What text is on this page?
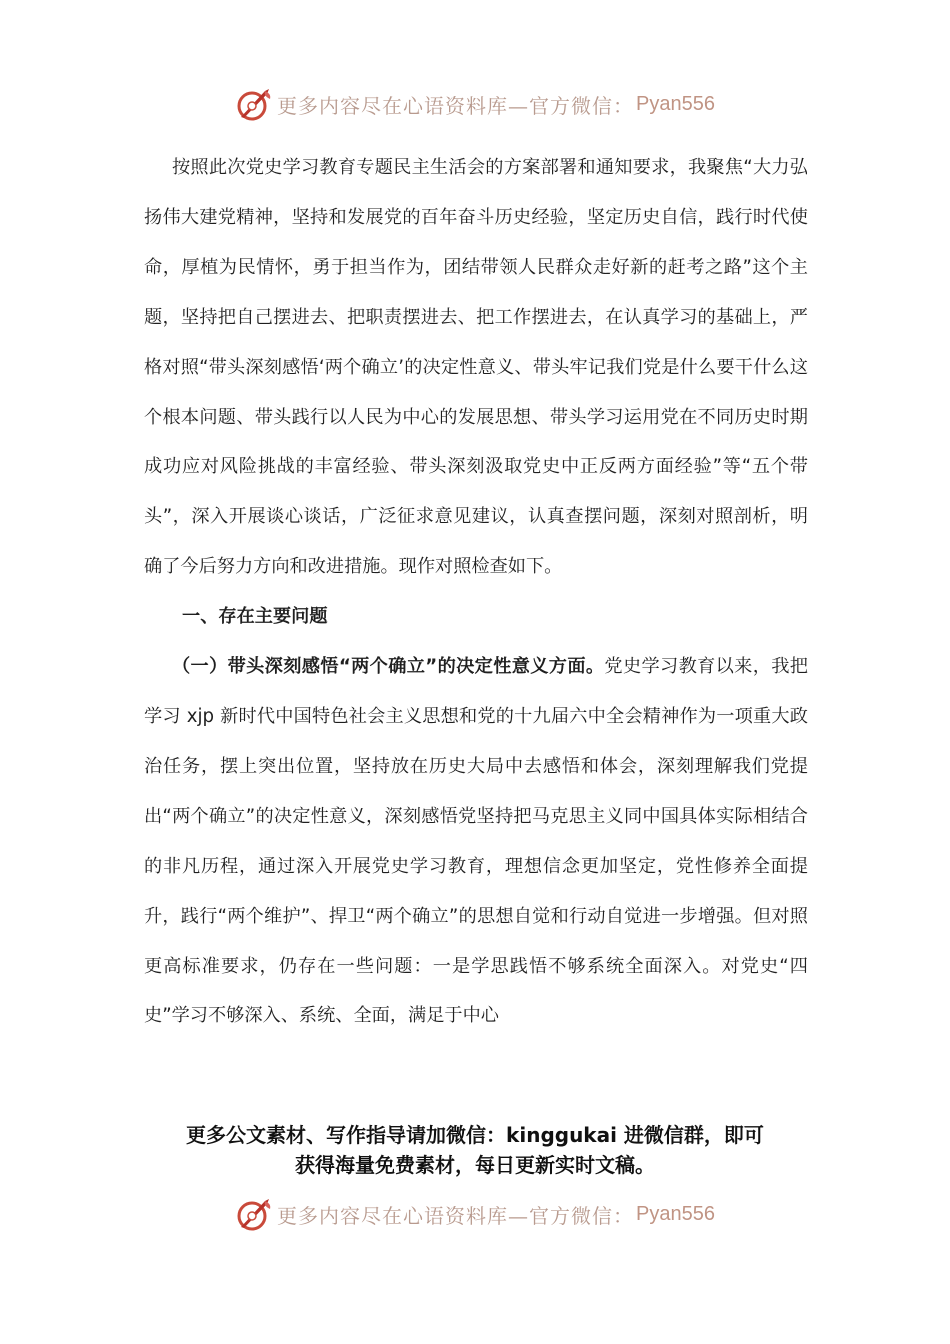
更多内容尽在心语资料库—官方微信： Pyan556

按照此次党史学习教育专题民主生活会的方案部署和通知要求，我聚焦“大力弘扬伟大建党精神，坚持和发展党的百年奋斗历史经验，坚定历史自信，践行时代使命，厚植为民情怀，勇于担当作为，团结带领人民群众走好新的赶考之路”这个主题，坚持把自己摆进去、把职责摆进去、把工作摆进去，在认真学习的基础上，严格对照“带头深刻感悟‘两个确立’的决定性意义、带头牢记我们党是什么要干什么这个根本问题、带头践行以人民为中心的发展思想、带头学习运用党在不同历史时期成功应对风险挑战的丰富经验、带头深刻汲取党史中正反两方面经验”等“五个带头”，深入开展谈心谈话，广泛征求意见建议，认真查摆问题，深刻对照剖析，明确了今后努力方向和改进措施。现作对照检查如下。

一、存在主要问题

（一）带头深刻感悟“两个确立”的决定性意义方面。党史学习教育以来，我把学习 xjp 新时代中国特色社会主义思想和党的十九届六中全会精神作为一项重大政治任务，摆上突出位置，坚持放在历史大局中去感悟和体会，深刻理解我们党提出“两个确立”的决定性意义，深刻感悟党坚持把马克思主义同中国具体实际相结合的非凡历程，通过深入开展党史学习教育，理想信念更加坚定，党性修养全面提升，践行“两个维护”、捍卫“两个确立”的思想自觉和行动自觉进一步增强。但对照更高标准要求，仍存在一些问题：一是学思践悟不够系统全面深入。对党史“四史”学习不够深入、系统、全面，满足于中心

更多公文素材、写作指导请加微信：kinggukai 进微信群，即可
获得海量免费素材，每日更新实时文稿。
更多内容尽在心语资料库—官方微信： Pyan556
